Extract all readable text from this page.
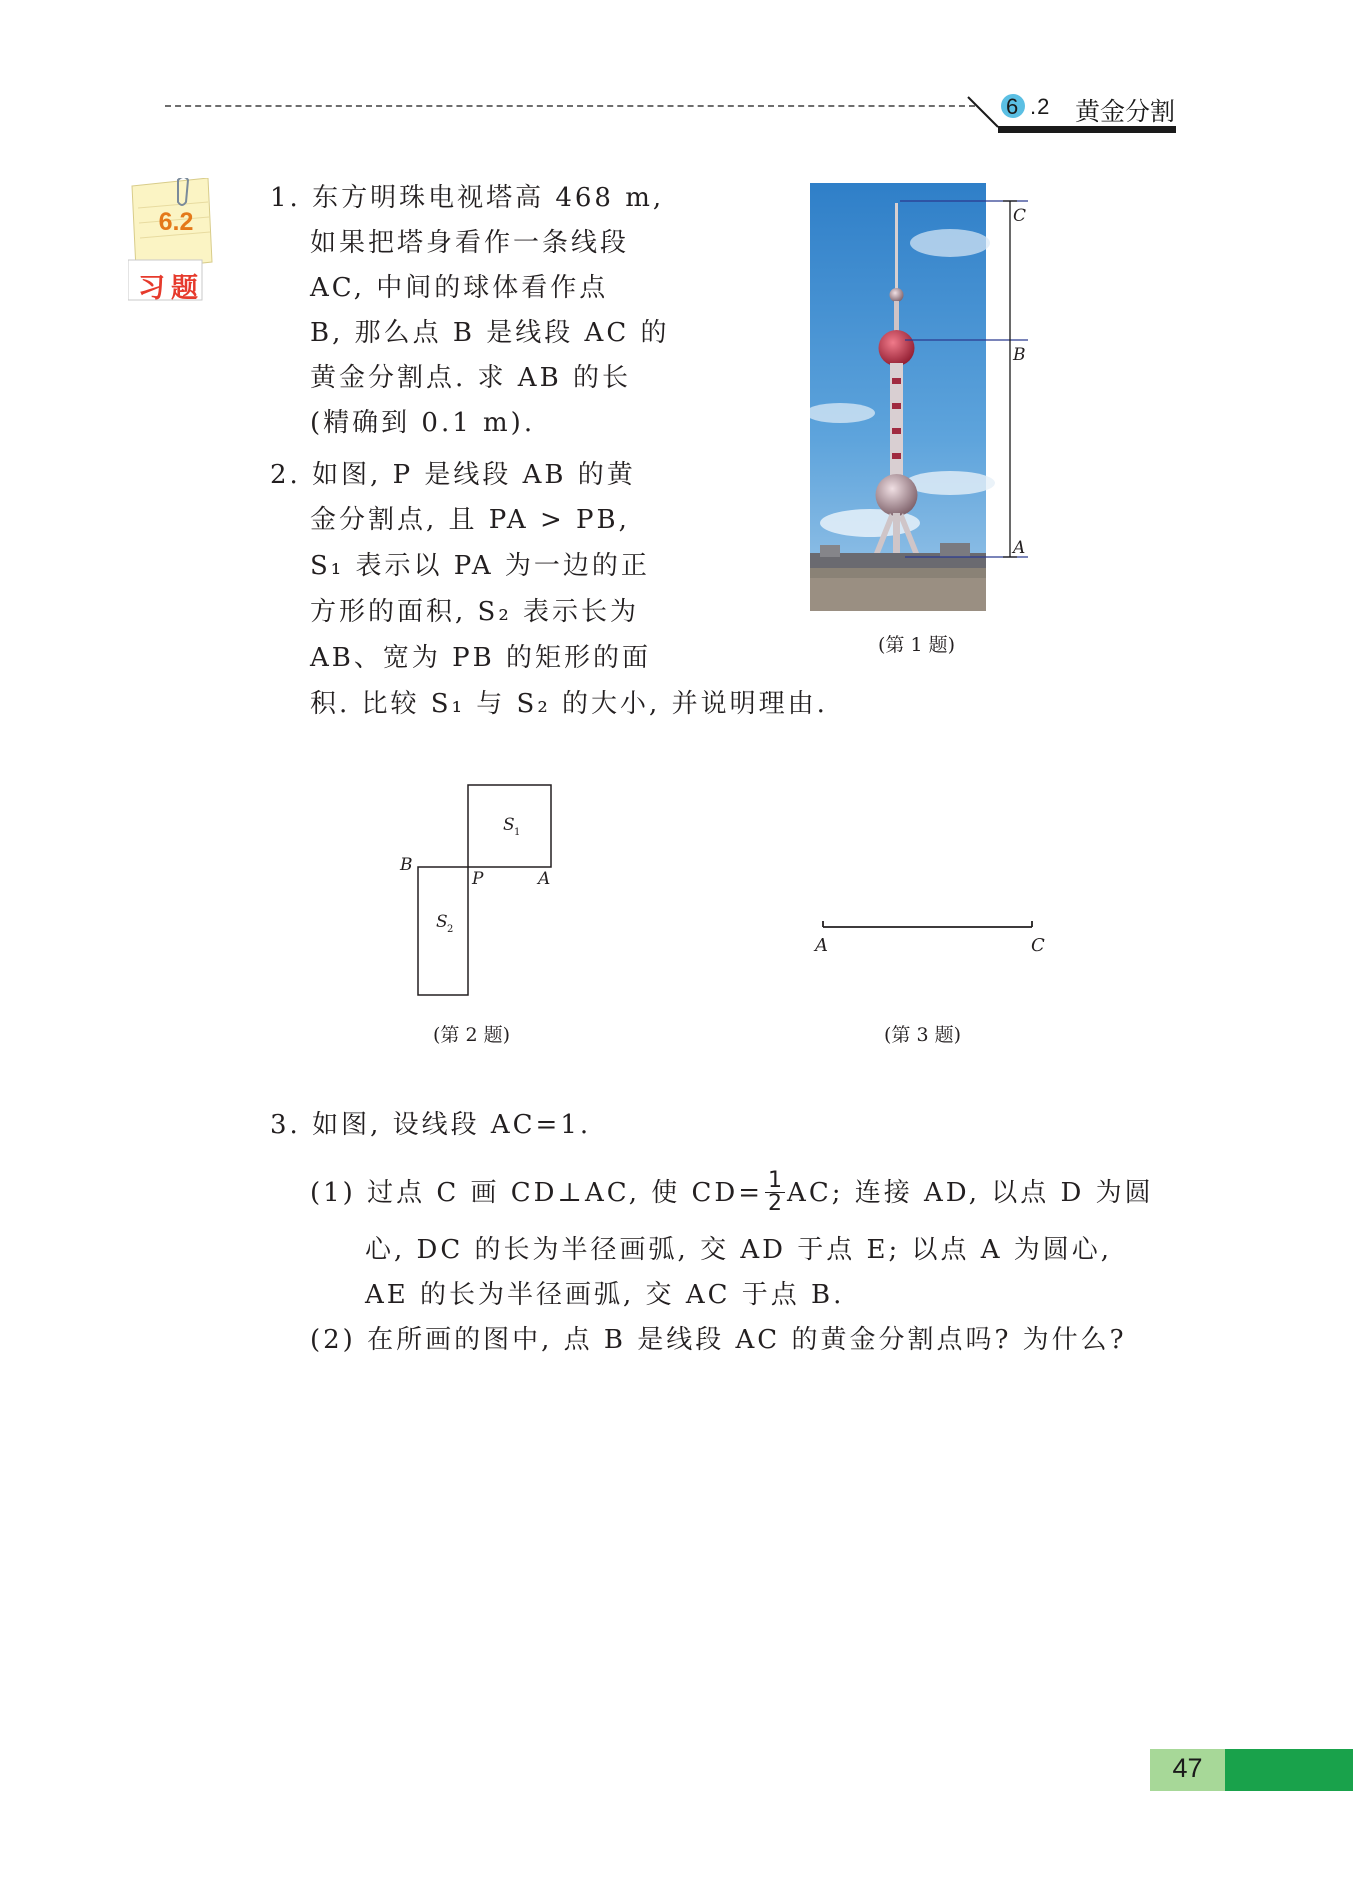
6 .2 黄金分割
6.2
习题
1. 东方明珠电视塔高 468 m,
如果把塔身看作一条线段
AC, 中间的球体看作点
B, 那么点 B 是线段 AC 的
黄金分割点. 求 AB 的长
(精确到 0.1 m).
2. 如图, P 是线段 AB 的黄
金分割点, 且 PA > PB,
S₁ 表示以 PA 为一边的正
方形的面积, S₂ 表示长为
AB、宽为 PB 的矩形的面
积. 比较 S₁ 与 S₂ 的大小, 并说明理由.
C
B
A
(第 1 题)
S 1
S 2
B
P	A
(第 2 题)
A	C
(第 3 题)
3. 如图, 设线段 AC=1.
(1) 过点 C 画 CD⊥AC, 使 $CD= \frac{1}{2}$ AC; 连接 AD, 以点 D 为圆
心, DC 的长为半径画弧, 交 AD 于点 E; 以点 A 为圆心,
AE 的长为半径画弧, 交 AC 于点 B.
(2) 在所画的图中, 点 B 是线段 AC 的黄金分割点吗? 为什么?
47
